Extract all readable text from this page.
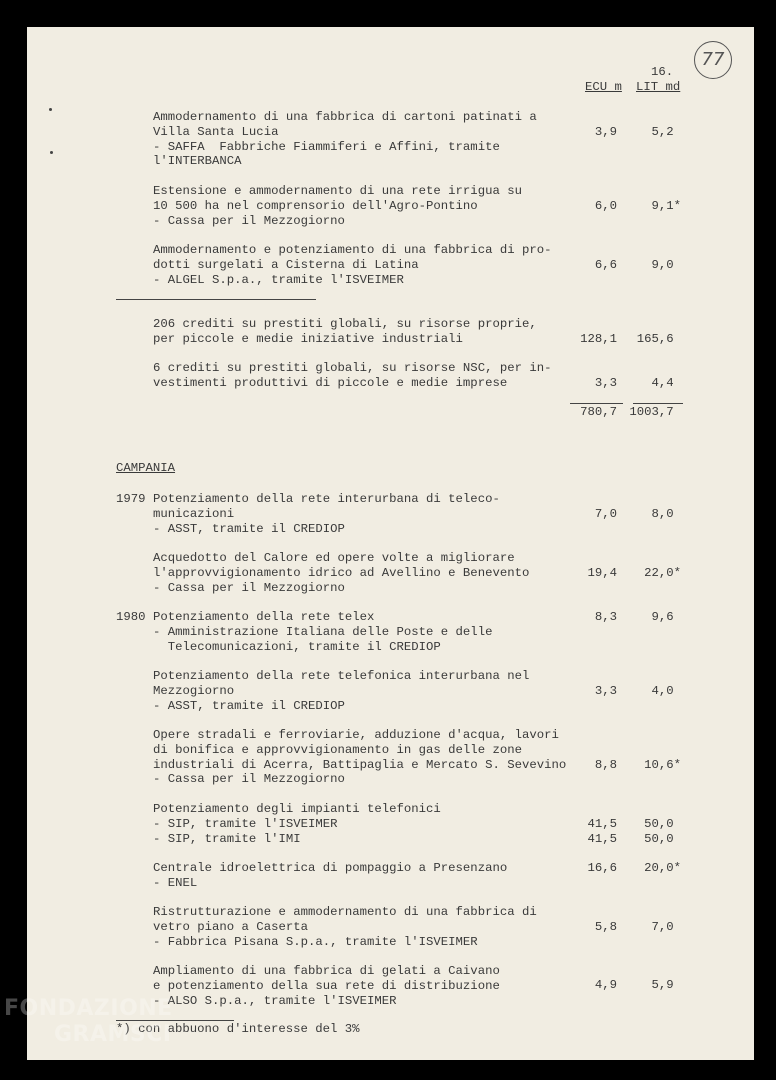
77
16.
ECU m LIT md
Ammodernamento di una fabbrica di cartoni patinati a
Villa Santa Lucia
- SAFFA  Fabbriche Fiammiferi e Affini, tramite
l'INTERBANCA
3,9	5,2
Estensione e ammodernamento di una rete irrigua su
10 500 ha nel comprensorio dell'Agro-Pontino
- Cassa per il Mezzogiorno
6,0	9,1*
Ammodernamento e potenziamento di una fabbrica di pro-
dotti surgelati a Cisterna di Latina
- ALGEL S.p.a., tramite l'ISVEIMER
6,6	9,0
206 crediti su prestiti globali, su risorse proprie,
per piccole e medie iniziative industriali	128,1	165,6
6 crediti su prestiti globali, su risorse NSC, per in-
vestimenti produttivi di piccole e medie imprese	3,3	4,4
780,7	1003,7
CAMPANIA
1979 Potenziamento della rete interurbana di teleco-
municazioni
- ASST, tramite il CREDIOP
7,0	8,0
Acquedotto del Calore ed opere volte a migliorare
l'approvvigionamento idrico ad Avellino e Benevento
- Cassa per il Mezzogiorno
19,4	22,0*
1980 Potenziamento della rete telex
- Amministrazione Italiana delle Poste e delle
Telecomunicazioni, tramite il CREDIOP
8,3	9,6
Potenziamento della rete telefonica interurbana nel
Mezzogiorno
- ASST, tramite il CREDIOP
3,3	4,0
Opere stradali e ferroviarie, adduzione d'acqua, lavori
di bonifica e approvvigionamento in gas delle zone
industriali di Acerra, Battipaglia e Mercato S. Sevevino
- Cassa per il Mezzogiorno
8,8	10,6*
Potenziamento degli impianti telefonici
- SIP, tramite l'ISVEIMER
- SIP, tramite l'IMI
41,5	50,0
41,5	50,0
Centrale idroelettrica di pompaggio a Presenzano
- ENEL
16,6	20,0*
Ristrutturazione e ammodernamento di una fabbrica di
vetro piano a Caserta
- Fabbrica Pisana S.p.a., tramite l'ISVEIMER
5,8	7,0
Ampliamento di una fabbrica di gelati a Caivano
e potenziamento della sua rete di distribuzione
- ALSO S.p.a., tramite l'ISVEIMER
4,9	5,9
*) con abbuono d'interesse del 3%
FONDAZIONE
GRAMSCI
